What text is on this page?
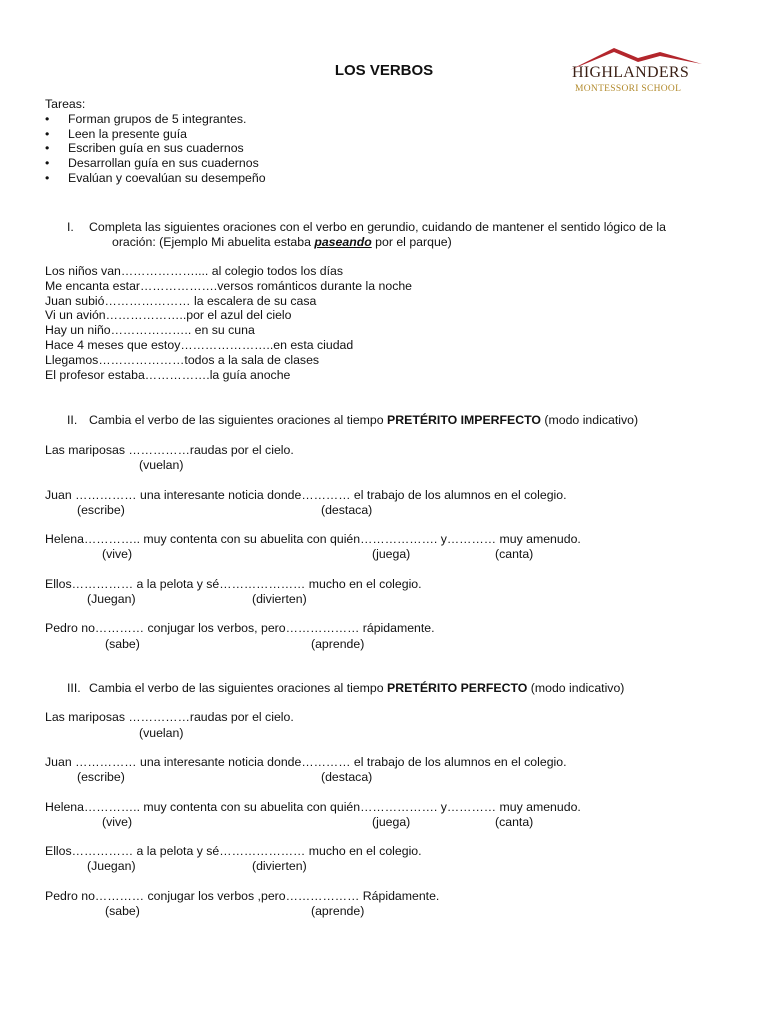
LOS VERBOS	HIGHLANDERS
MONTESSORI SCHOOL
Tareas:
•	Forman grupos de 5 integrantes.
•	Leen la presente guía
•	Escriben guía en sus cuadernos
•	Desarrollan guía en sus cuadernos
•	Evalúan y coevalúan su desempeño
I. Completa las siguientes oraciones con el verbo en gerundio, cuidando de mantener el sentido lógico de la
oración: (Ejemplo Mi abuelita estaba paseando por el parque)
Los niños van……………….... al colegio todos los días
Me encanta estar……………….versos románticos durante la noche
Juan subió………………… la escalera de su casa
Vi un avión………………..por el azul del cielo
Hay un niño……………….. en su cuna
Hace 4 meses que estoy…………………..en esta ciudad
Llegamos…………………todos a la sala de clases
El profesor estaba…………….la guía anoche
II. Cambia el verbo de las siguientes oraciones al tiempo PRETÉRITO IMPERFECTO (modo indicativo)
Las mariposas ……………raudas por el cielo.
(vuelan)
Juan …………… una interesante noticia donde………… el trabajo de los alumnos en el colegio.
(escribe)	(destaca)
Helena………….. muy contenta con su abuelita con quién………………. y………… muy amenudo.
(vive)	(juega)	(canta)
Ellos…………… a la pelota y sé………………… mucho en el colegio.
(Juegan)	(divierten)
Pedro no………… conjugar los verbos, pero……………… rápidamente.
(sabe)	(aprende)
III. Cambia el verbo de las siguientes oraciones al tiempo PRETÉRITO PERFECTO (modo indicativo)
Las mariposas ……………raudas por el cielo.
(vuelan)
Juan …………… una interesante noticia donde………… el trabajo de los alumnos en el colegio.
(escribe)	(destaca)
Helena………….. muy contenta con su abuelita con quién………………. y………… muy amenudo.
(vive)	(juega)	(canta)
Ellos…………… a la pelota y sé………………… mucho en el colegio.
(Juegan)	(divierten)
Pedro no………… conjugar los verbos ,pero……………… Rápidamente.
(sabe)	(aprende)
